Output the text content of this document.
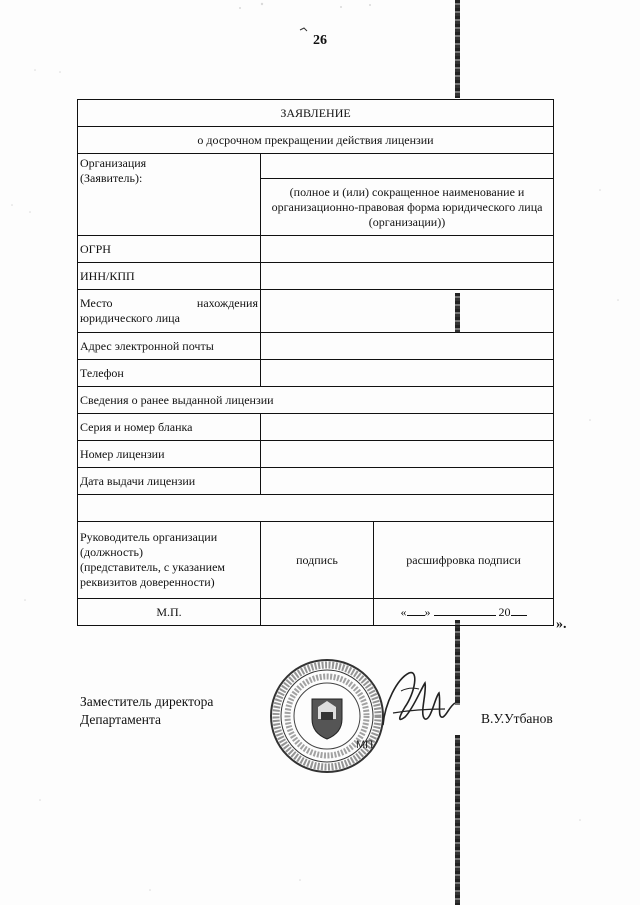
26
ЗАЯВЛЕНИЕ		
о досрочном прекращении действия лицензии		

Организация
(Заявитель):		

	(полное и (или) сокращенное наименование и организационно-правовая форма юридического лица (организации))	
ОГРН		
ИНН/КПП		

Место нахождения
юридического лица		

Адрес электронной почты		
Телефон		
Сведения о ранее выданной лицензии		
Серия и номер бланка		
Номер лицензии		
Дата выдачи лицензии		

Руководитель организации
(должность)
(представитель, с указанием
реквизитов доверенности)	подпись	расшифровка подписи
М.П.		« » 20
».
Заместитель директора
Департамента
МП
В.У.Утбанов
